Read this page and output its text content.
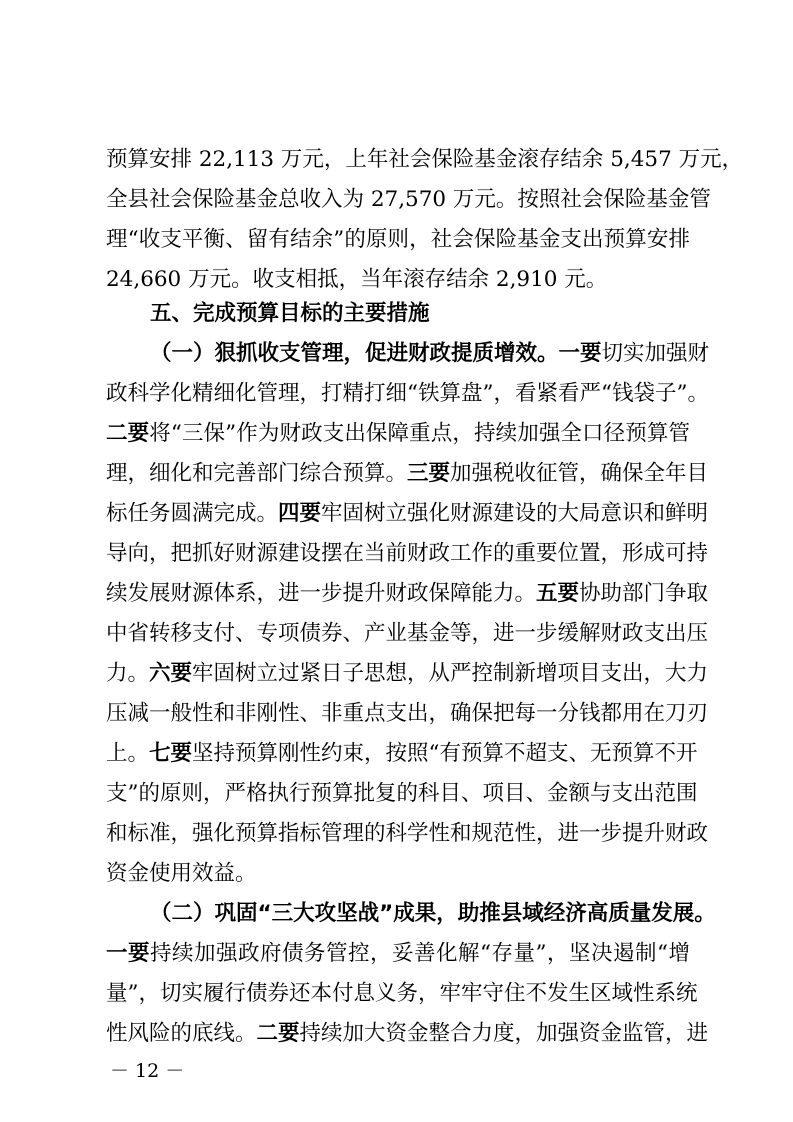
预算安排 22,113 万元，上年社会保险基金滚存结余 5,457 万元，
全县社会保险基金总收入为 27,570 万元。按照社会保险基金管
理“收支平衡、留有结余”的原则，社会保险基金支出预算安排
24,660 万元。收支相抵，当年滚存结余 2,910 元。
五、完成预算目标的主要措施
（一）狠抓收支管理，促进财政提质增效。一要切实加强财
政科学化精细化管理，打精打细“铁算盘”，看紧看严“钱袋子”。
二要将“三保”作为财政支出保障重点，持续加强全口径预算管
理，细化和完善部门综合预算。三要加强税收征管，确保全年目
标任务圆满完成。四要牢固树立强化财源建设的大局意识和鲜明
导向，把抓好财源建设摆在当前财政工作的重要位置，形成可持
续发展财源体系，进一步提升财政保障能力。五要协助部门争取
中省转移支付、专项债券、产业基金等，进一步缓解财政支出压
力。六要牢固树立过紧日子思想，从严控制新增项目支出，大力
压减一般性和非刚性、非重点支出，确保把每一分钱都用在刀刃
上。七要坚持预算刚性约束，按照“有预算不超支、无预算不开
支”的原则，严格执行预算批复的科目、项目、金额与支出范围
和标准，强化预算指标管理的科学性和规范性，进一步提升财政
资金使用效益。
（二）巩固“三大攻坚战”成果，助推县域经济高质量发展。
一要持续加强政府债务管控，妥善化解“存量”，坚决遏制“增
量”，切实履行债券还本付息义务，牢牢守住不发生区域性系统
性风险的底线。二要持续加大资金整合力度，加强资金监管，进
－ 12 －
